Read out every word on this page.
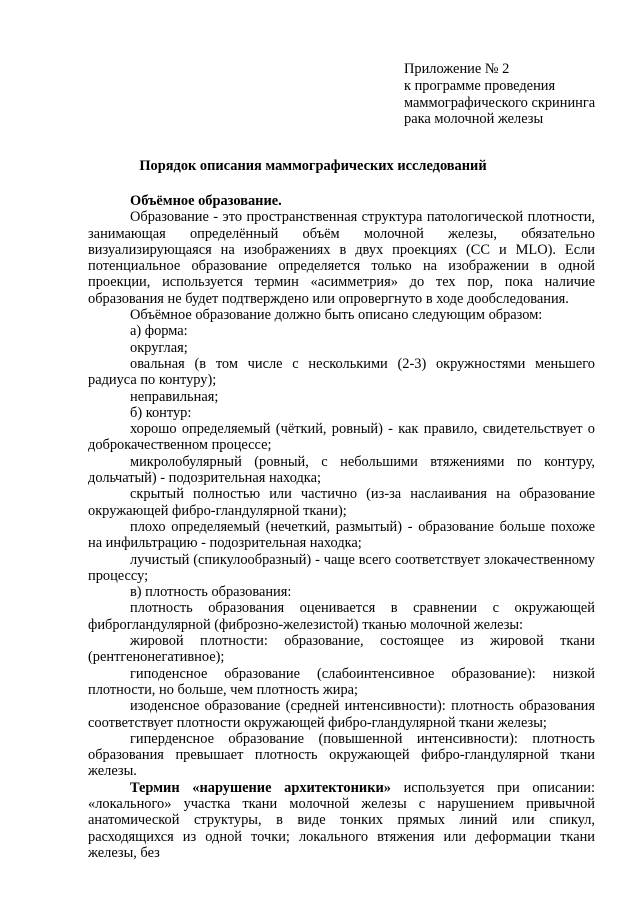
Приложение № 2
к программе проведения
маммографического скрининга
рака молочной железы
Порядок описания маммографических исследований

Объёмное образование.

Образование - это пространственная структура патологической плотности, занимающая определённый объём молочной железы, обязательно визуализирующаяся на изображениях в двух проекциях (CC и MLO). Если потенциальное образование определяется только на изображении в одной проекции, используется термин «асимметрия» до тех пор, пока наличие образования не будет подтверждено или опровергнуто в ходе дообследования.

Объёмное образование должно быть описано следующим образом:

а) форма:

округлая;

овальная (в том числе с несколькими (2-3) окружностями меньшего радиуса по контуру);

неправильная;

б) контур:

хорошо определяемый (чёткий, ровный) - как правило, свидетельствует о доброкачественном процессе;

микролобулярный (ровный, с небольшими втяжениями по контуру, дольчатый) - подозрительная находка;

скрытый полностью или частично (из-за наслаивания на образование окружающей фибро-гландулярной ткани);

плохо определяемый (нечеткий, размытый) - образование больше похоже на инфильтрацию - подозрительная находка;

лучистый (спикулообразный) - чаще всего соответствует злокачественному процессу;

в) плотность образования:

плотность образования оценивается в сравнении с окружающей фиброгландулярной (фиброзно-железистой) тканью молочной железы:

жировой плотности: образование, состоящее из жировой ткани (рентгенонегативное);

гиподенсное образование (слабоинтенсивное образование): низкой плотности, но больше, чем плотность жира;

изоденсное образование (средней интенсивности): плотность образования соответствует плотности окружающей фибро-гландулярной ткани железы;

гиперденсное образование (повышенной интенсивности): плотность образования превышает плотность окружающей фибро-гландулярной ткани железы.

Термин «нарушение архитектоники» используется при описании: «локального» участка ткани молочной железы с нарушением привычной анатомической структуры, в виде тонких прямых линий или спикул, расходящихся из одной точки; локального втяжения или деформации ткани железы, без
